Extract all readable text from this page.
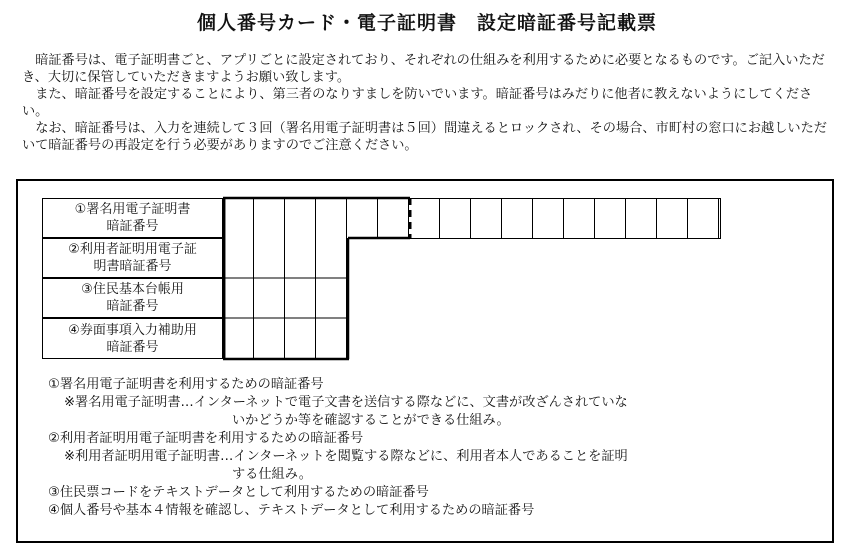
個人番号カード・電子証明書　設定暗証番号記載票

暗証番号は、電子証明書ごと、アプリごとに設定されており、それぞれの仕組みを利用するために必要となるものです。ご記入いただき、大切に保管していただきますようお願い致します。

また、暗証番号を設定することにより、第三者のなりすましを防いでいます。暗証番号はみだりに他者に教えないようにしてください。

なお、暗証番号は、入力を連続して３回（署名用電子証明書は５回）間違えるとロックされ、その場合、市町村の窓口にお越しいただいて暗証番号の再設定を行う必要がありますのでご注意ください。

①署名用電子証明書
暗証番号
②利用者証明用電子証
明書暗証番号
③住民基本台帳用
暗証番号
④券面事項入力補助用
暗証番号
①署名用電子証明書を利用するための暗証番号
※署名用電子証明書…インターネットで電子文書を送信する際などに、文書が改ざんされていな
いかどうか等を確認することができる仕組み。
②利用者証明用電子証明書を利用するための暗証番号
※利用者証明用電子証明書…インターネットを閲覧する際などに、利用者本人であることを証明
する仕組み。
③住民票コードをテキストデータとして利用するための暗証番号
④個人番号や基本４情報を確認し、テキストデータとして利用するための暗証番号
